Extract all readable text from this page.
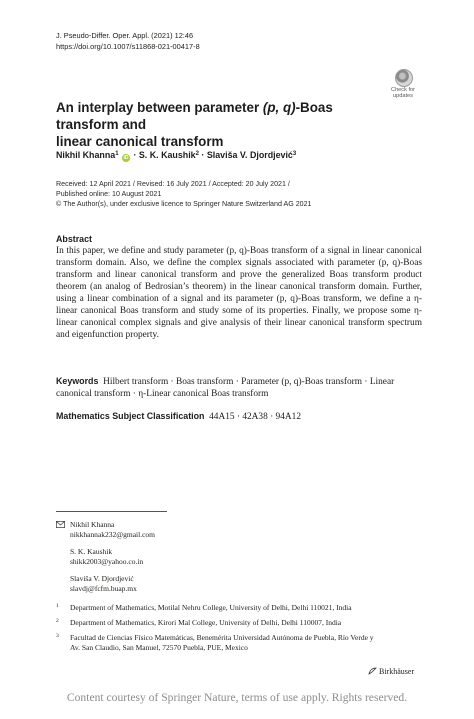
J. Pseudo-Differ. Oper. Appl. (2021) 12:46
https://doi.org/10.1007/s11868-021-00417-8
Check for
updates
An interplay between parameter (p, q)-Boas transform and
linear canonical transform
Nikhil Khanna$^1$ iD · S. K. Kaushik$^2$ · Slaviša V. Djordjević$^3$
Received: 12 April 2021 / Revised: 16 July 2021 / Accepted: 20 July 2021 /
Published online: 10 August 2021
© The Author(s), under exclusive licence to Springer Nature Switzerland AG 2021
Abstract

In this paper, we define and study parameter (p, q)-Boas transform of a signal in linear canonical transform domain. Also, we define the complex signals associated with parameter (p, q)-Boas transform and linear canonical transform and prove the generalized Boas transform product theorem (an analog of Bedrosian’s theorem) in the linear canonical transform domain. Further, using a linear combination of a signal and its parameter (p, q)-Boas transform, we define a η-linear canonical Boas transform and study some of its properties. Finally, we propose some η-linear canonical complex signals and give analysis of their linear canonical transform spectrum and eigenfunction property.

Keywords Hilbert transform · Boas transform · Parameter (p, q)-Boas transform · Linear canonical transform · η-Linear canonical Boas transform
Mathematics Subject Classification 44A15 · 42A38 · 94A12
Nikhil Khanna
nikkhannak232@gmail.com
S. K. Kaushik
shikk2003@yahoo.co.in
Slaviša V. Djordjević
slavdj@fcfm.buap.mx
1 Department of Mathematics, Motilal Nehru College, University of Delhi, Delhi 110021, India
2 Department of Mathematics, Kirori Mal College, University of Delhi, Delhi 110007, India
3 Facultad de Ciencias Físico Matemáticas, Benemérita Universidad Autónoma de Puebla, Río Verde y
Av. San Claudio, San Manuel, 72570 Puebla, PUE, Mexico
Birkhäuser
Content courtesy of Springer Nature, terms of use apply. Rights reserved.
